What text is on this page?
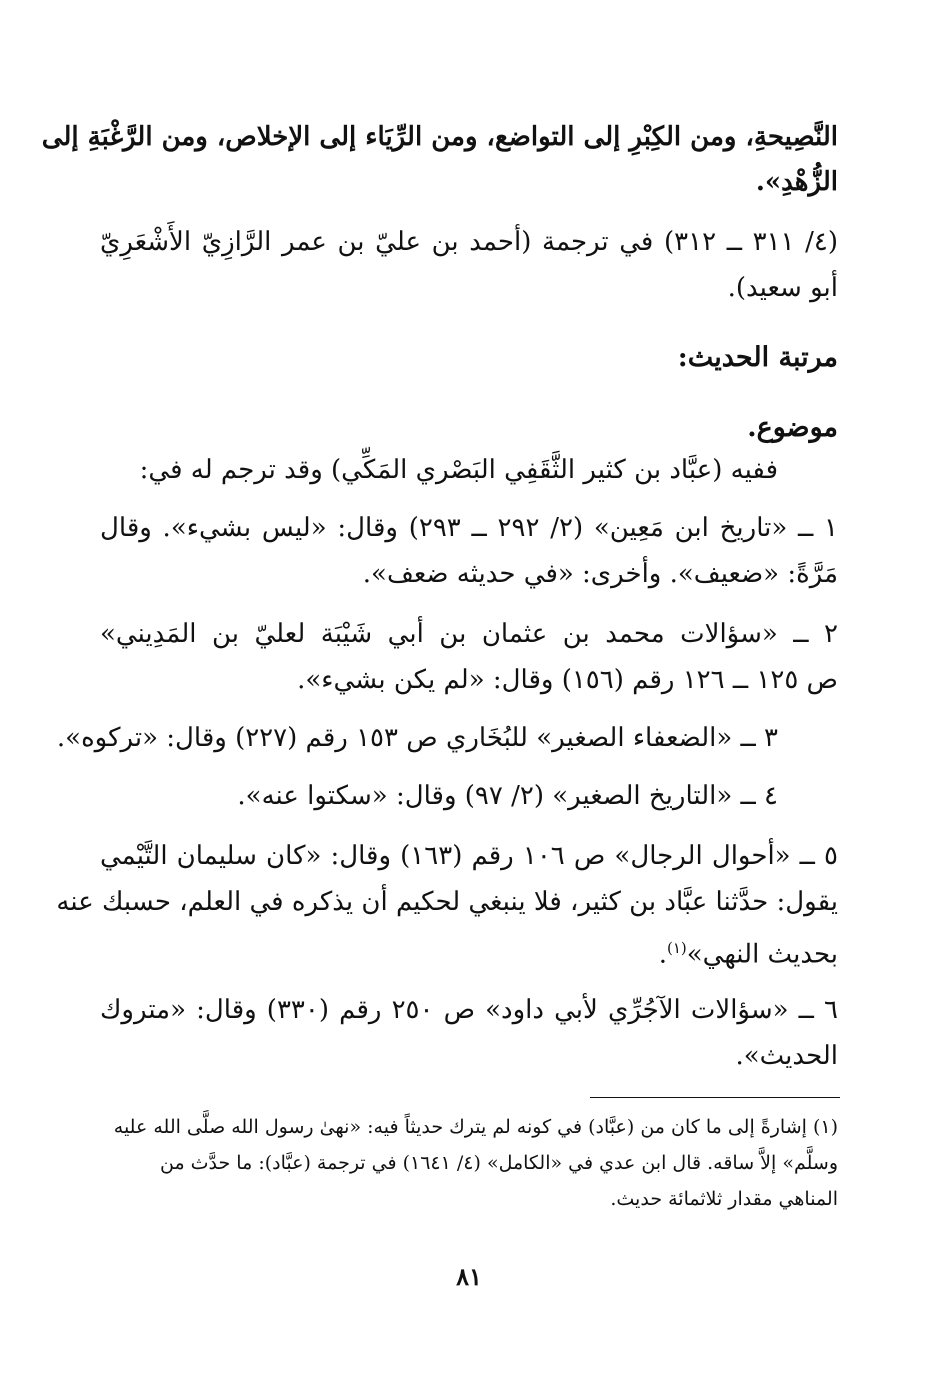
النَّصِيحةِ، ومن الكِبْرِ إلى التواضع، ومن الرِّيَاء إلى الإخلاص، ومن الرَّغْبَةِ إلى
الزُّهْدِ».
(٤/ ٣١١ ــ ٣١٢) في ترجمة (أحمد بن عليّ بن عمر الرَّازِيّ الأَشْعَرِيّ
أبو سعيد).
مرتبة الحديث:
موضوع.
ففيه (عبَّاد بن كثير الثَّقَفِي البَصْري المَكِّي) وقد ترجم له في:
١ ــ «تاريخ ابن مَعِين» (٢/ ٢٩٢ ــ ٢٩٣) وقال: «ليس بشيء». وقال
مَرَّةً: «ضعيف». وأخرى: «في حديثه ضعف».
٢ ــ «سؤالات محمد بن عثمان بن أبي شَيْبَة لعليّ بن المَدِيني»
ص ١٢٥ ــ ١٢٦ رقم (١٥٦) وقال: «لم يكن بشيء».
٣ ــ «الضعفاء الصغير» للبُخَاري ص ١٥٣ رقم (٢٢٧) وقال: «تركوه».
٤ ــ «التاريخ الصغير» (٢/ ٩٧) وقال: «سكتوا عنه».
٥ ــ «أحوال الرجال» ص ١٠٦ رقم (١٦٣) وقال: «كان سليمان التَّيْمي
يقول: حدَّثنا عبَّاد بن كثير، فلا ينبغي لحكيم أن يذكره في العلم، حسبك عنه
بحديث النهي»$^{(١)}$.
٦ ــ «سؤالات الآجُرِّي لأبي داود» ص ٢٥٠ رقم (٣٣٠) وقال: «متروك
الحديث».
(١) إشارةً إلى ما كان من (عبَّاد) في كونه لم يترك حديثاً فيه: «نهىٰ رسول الله صلَّى الله عليه
وسلَّم» إلاَّ ساقه. قال ابن عدي في «الكامل» (٤/ ١٦٤١) في ترجمة (عبَّاد): ما حدَّث من
المناهي مقدار ثلاثمائة حديث.
٨١
